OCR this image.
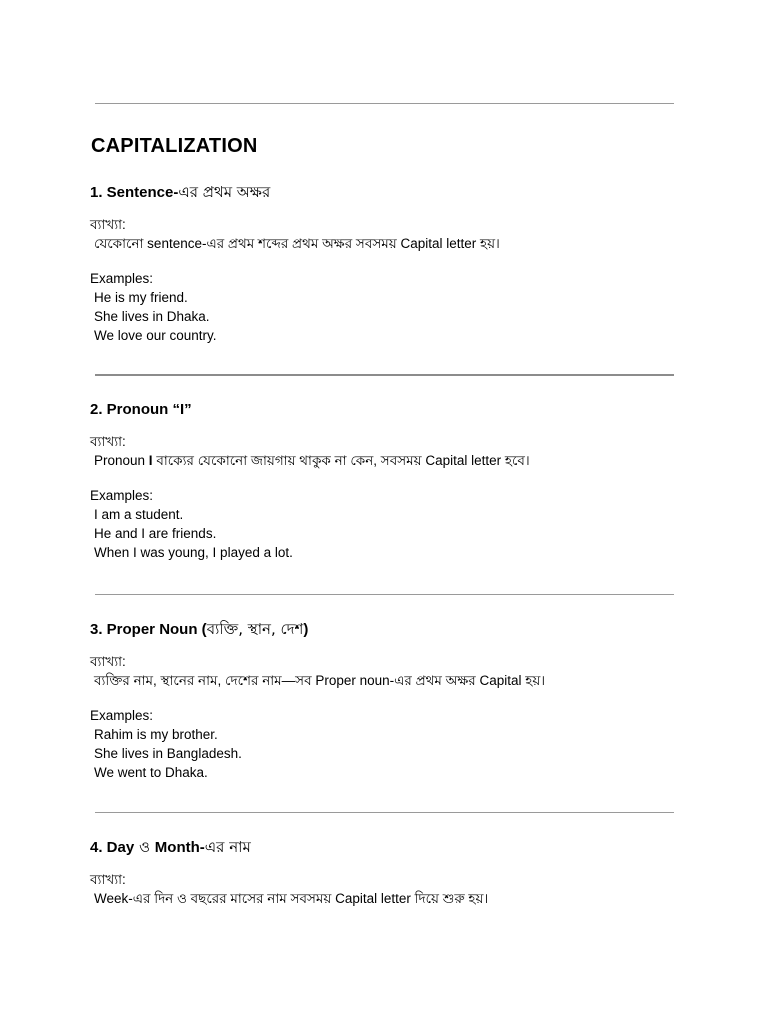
CAPITALIZATION
1. Sentence-এর প্রথম অক্ষর
ব্যাখ্যা:
যেকোনো sentence-এর প্রথম শব্দের প্রথম অক্ষর সবসময় Capital letter হয়।
Examples:
He is my friend.
She lives in Dhaka.
We love our country.
2. Pronoun “I”
ব্যাখ্যা:
Pronoun I বাক্যের যেকোনো জায়গায় থাকুক না কেন, সবসময় Capital letter হবে।
Examples:
I am a student.
He and I are friends.
When I was young, I played a lot.
3. Proper Noun (ব্যক্তি, স্থান, দেশ)
ব্যাখ্যা:
ব্যক্তির নাম, স্থানের নাম, দেশের নাম—সব Proper noun-এর প্রথম অক্ষর Capital হয়।
Examples:
Rahim is my brother.
She lives in Bangladesh.
We went to Dhaka.
4. Day ও Month-এর নাম
ব্যাখ্যা:
Week-এর দিন ও বছরের মাসের নাম সবসময় Capital letter দিয়ে শুরু হয়।
